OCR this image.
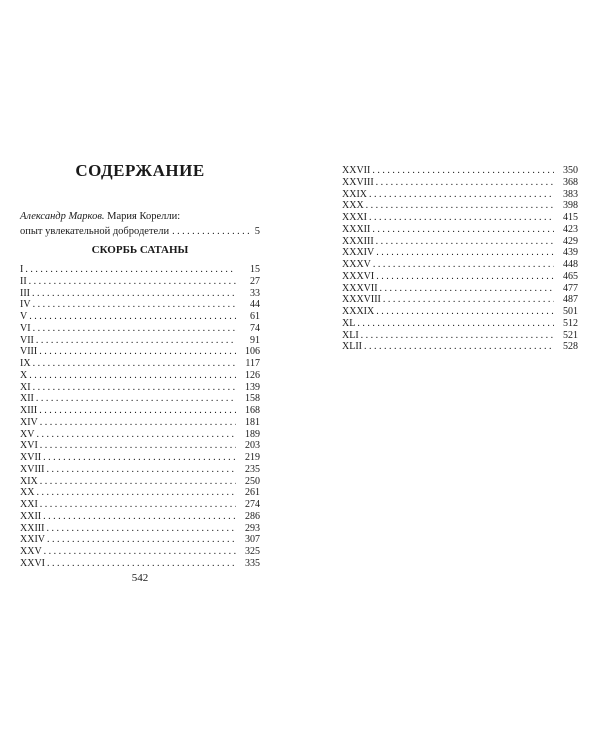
СОДЕРЖАНИЕ
Александр Марков. Мария Корелли:
опыт увлекательной добродетели . . .	5
СКОРБЬ САТАНЫ
I . . .	15
II . . .	27
III . . .	33
IV . . .	44
V . . .	61
VI . . .	74
VII . . .	91
VIII . . .	106
IX . . .	117
X . . .	126
XI . . .	139
XII . . .	158
XIII . . .	168
XIV . . .	181
XV . . .	189
XVI . . .	203
XVII . . .	219
XVIII . . .	235
XIX . . .	250
XX . . .	261
XXI . . .	274
XXII . . .	286
XXIII . . .	293
XXIV . . .	307
XXV . . .	325
XXVI . . .	335
542
XXVII . . .	350
XXVIII . . .	368
XXIX . . .	383
XXX . . .	398
XXXI . . .	415
XXXII . . .	423
XXXIII . . .	429
XXXIV . . .	439
XXXV . . .	448
XXXVI . . .	465
XXXVII . . .	477
XXXVIII . . .	487
XXXIX . . .	501
XL . . .	512
XLI . . .	521
XLII . . .	528
